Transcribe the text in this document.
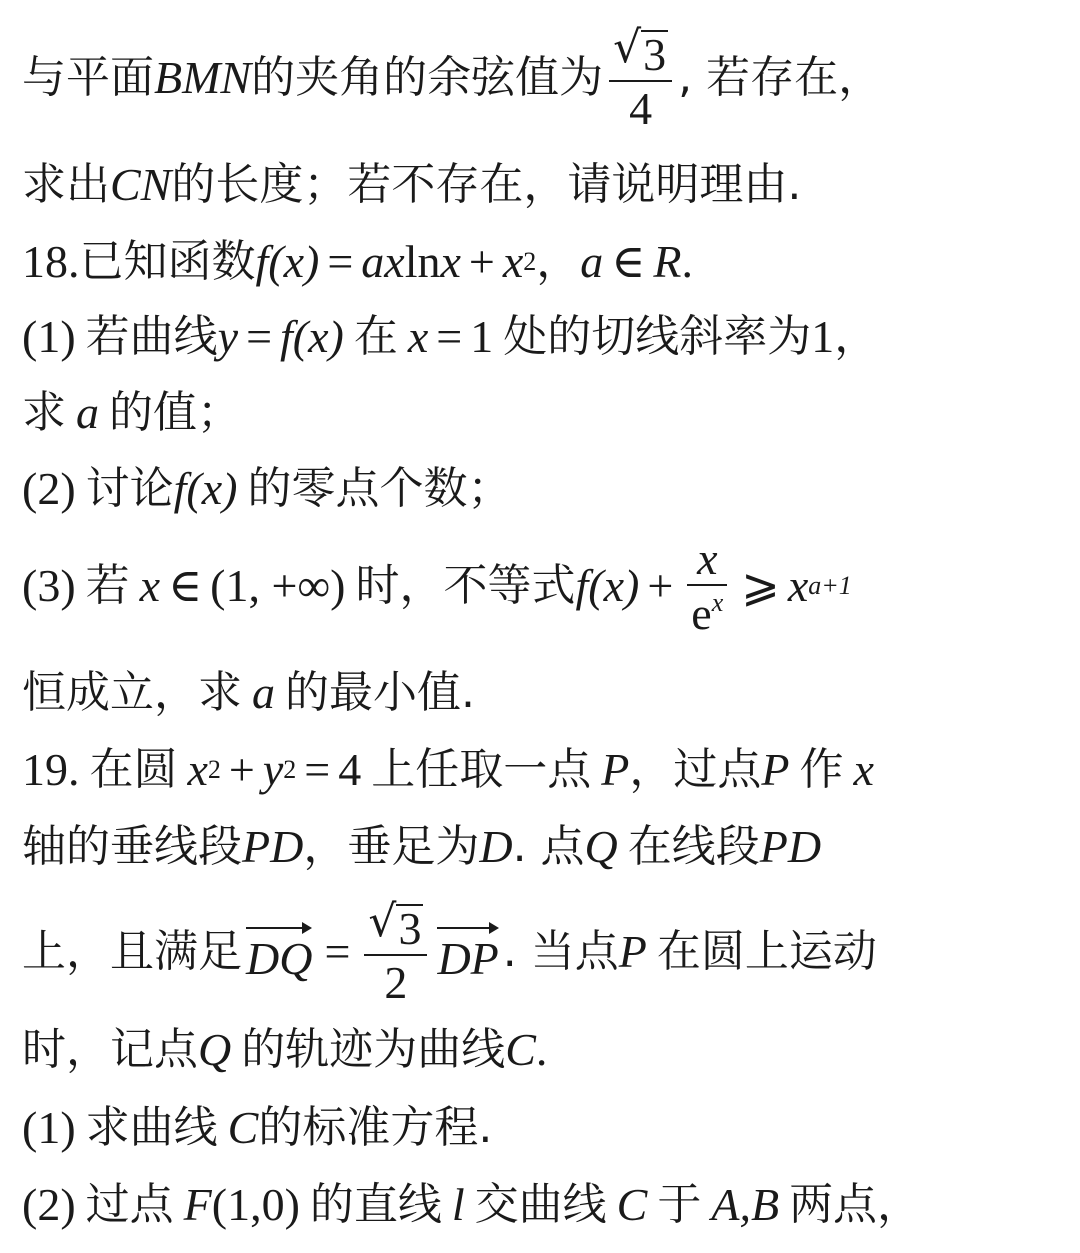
与平面 BMN 的夹角的余弦值为 $\frac{√ 3}{4}$ , 若存在，
求出 CN 的长度；若不存在，请说明理由.
18. 已知函数 f(x) = a x ln x + x 2 ， a ∈ R .
(1) 若曲线 y = f(x) 在 x = 1 处的切线斜率为 1 ，
求 a 的值；
(2) 讨论 f(x) 的零点个数；
(3) 若 x ∈ (1, +∞) 时，不等式 $f(x) + \frac{x}{e^x}$ ⩾ x a+1
恒成立，求 a 的最小值.
19. 在圆 x 2 + y 2 = 4 上任取一点 P ，过点 P 作 x
轴的垂线段 PD ，垂足为 D . 点 Q 在线段 PD
上，且满足 DQ = $\frac{√ 3}{2}$ DP . 当点 P 在圆上运动
时，记点 Q 的轨迹为曲线 C .
(1) 求曲线 C 的标准方程.
(2) 过点 F (1,0) 的直线 l 交曲线 C 于 A,B 两点，
